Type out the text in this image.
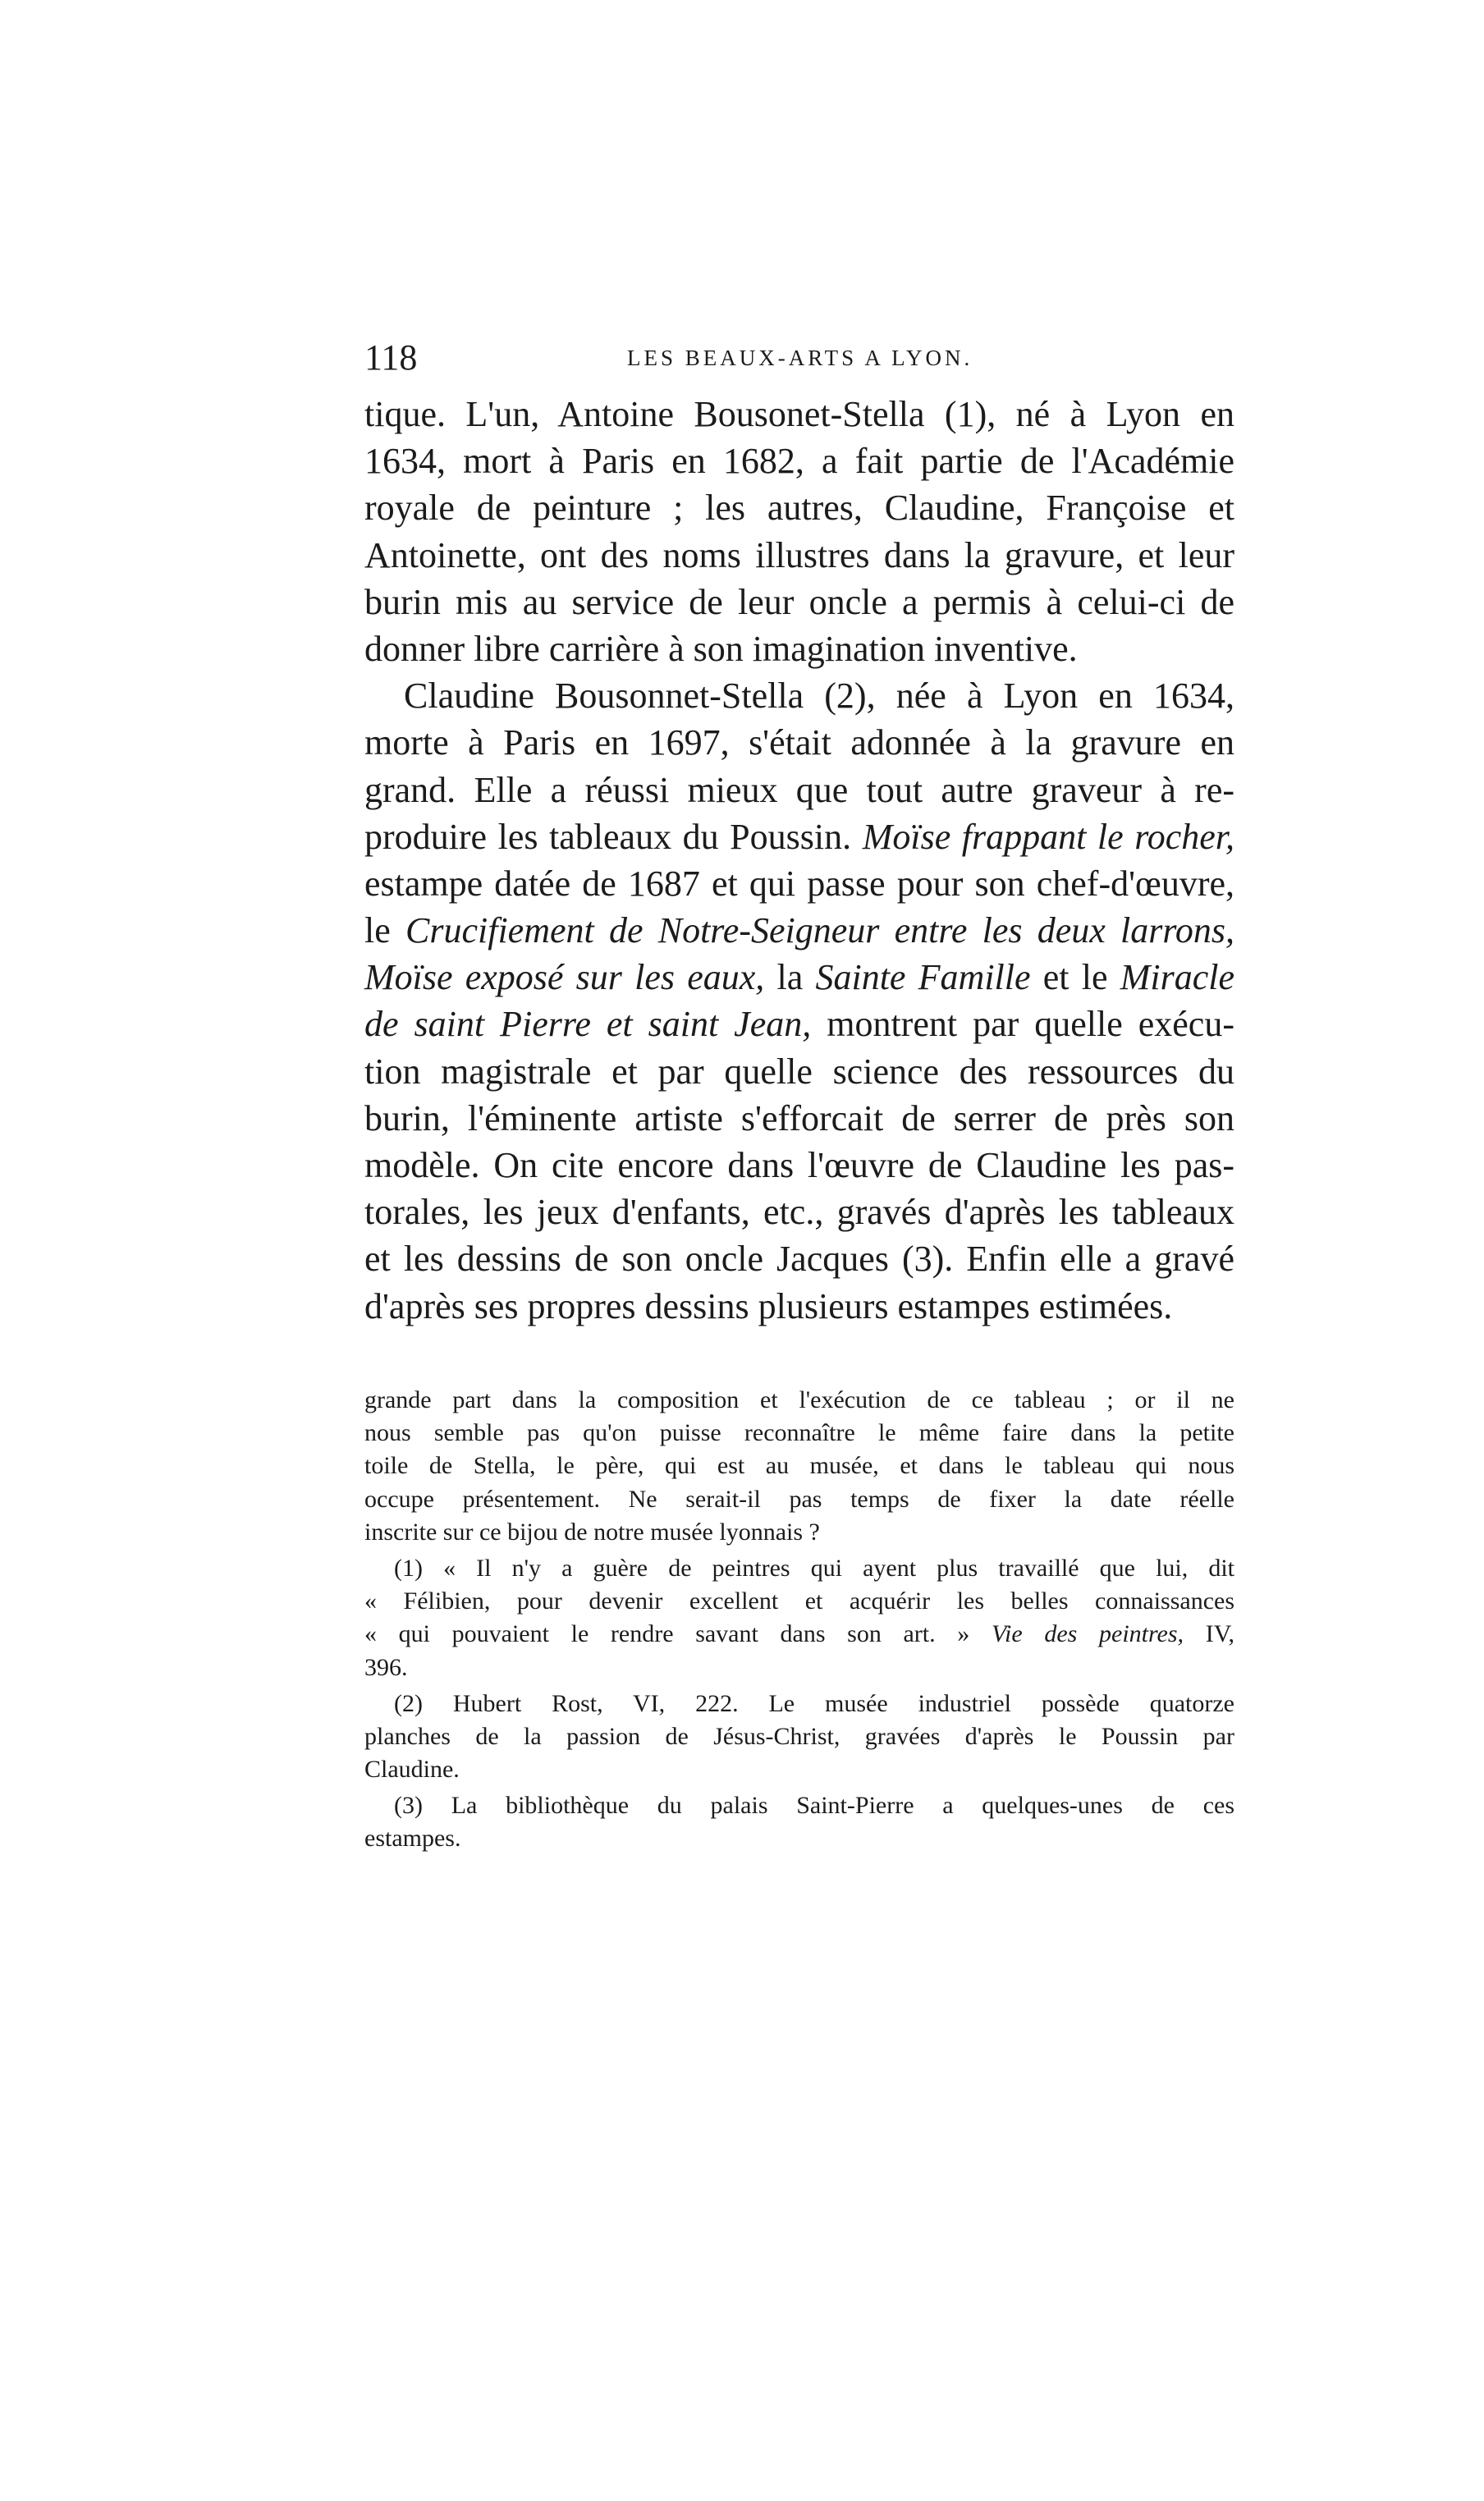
118	LES BEAUX-ARTS A LYON.
tique. L'un, Antoine Bousonet-Stella (1), né à Lyon en
1634, mort à Paris en 1682, a fait partie de l'Académie
royale de peinture ; les autres, Claudine, Françoise et
Antoinette, ont des noms illustres dans la gravure, et leur
burin mis au service de leur oncle a permis à celui-ci de
donner libre carrière à son imagination inventive.
Claudine Bousonnet-Stella (2), née à Lyon en 1634,
morte à Paris en 1697, s'était adonnée à la gravure en
grand. Elle a réussi mieux que tout autre graveur à re-
produire les tableaux du Poussin. Moïse frappant le rocher,
estampe datée de 1687 et qui passe pour son chef-d'œuvre,
le Crucifiement de Notre-Seigneur entre les deux larrons,
Moïse exposé sur les eaux, la Sainte Famille et le Miracle
de saint Pierre et saint Jean, montrent par quelle exécu-
tion magistrale et par quelle science des ressources du
burin, l'éminente artiste s'efforcait de serrer de près son
modèle. On cite encore dans l'œuvre de Claudine les pas-
torales, les jeux d'enfants, etc., gravés d'après les tableaux
et les dessins de son oncle Jacques (3). Enfin elle a gravé
d'après ses propres dessins plusieurs estampes estimées.
grande part dans la composition et l'exécution de ce tableau ; or il ne
nous semble pas qu'on puisse reconnaître le même faire dans la petite
toile de Stella, le père, qui est au musée, et dans le tableau qui nous
occupe présentement. Ne serait-il pas temps de fixer la date réelle
inscrite sur ce bijou de notre musée lyonnais ?
(1) « Il n'y a guère de peintres qui ayent plus travaillé que lui, dit
« Félibien, pour devenir excellent et acquérir les belles connaissances
« qui pouvaient le rendre savant dans son art. » Vie des peintres, IV,
396.
(2) Hubert Rost, VI, 222. Le musée industriel possède quatorze
planches de la passion de Jésus-Christ, gravées d'après le Poussin par
Claudine.
(3) La bibliothèque du palais Saint-Pierre a quelques-unes de ces
estampes.
